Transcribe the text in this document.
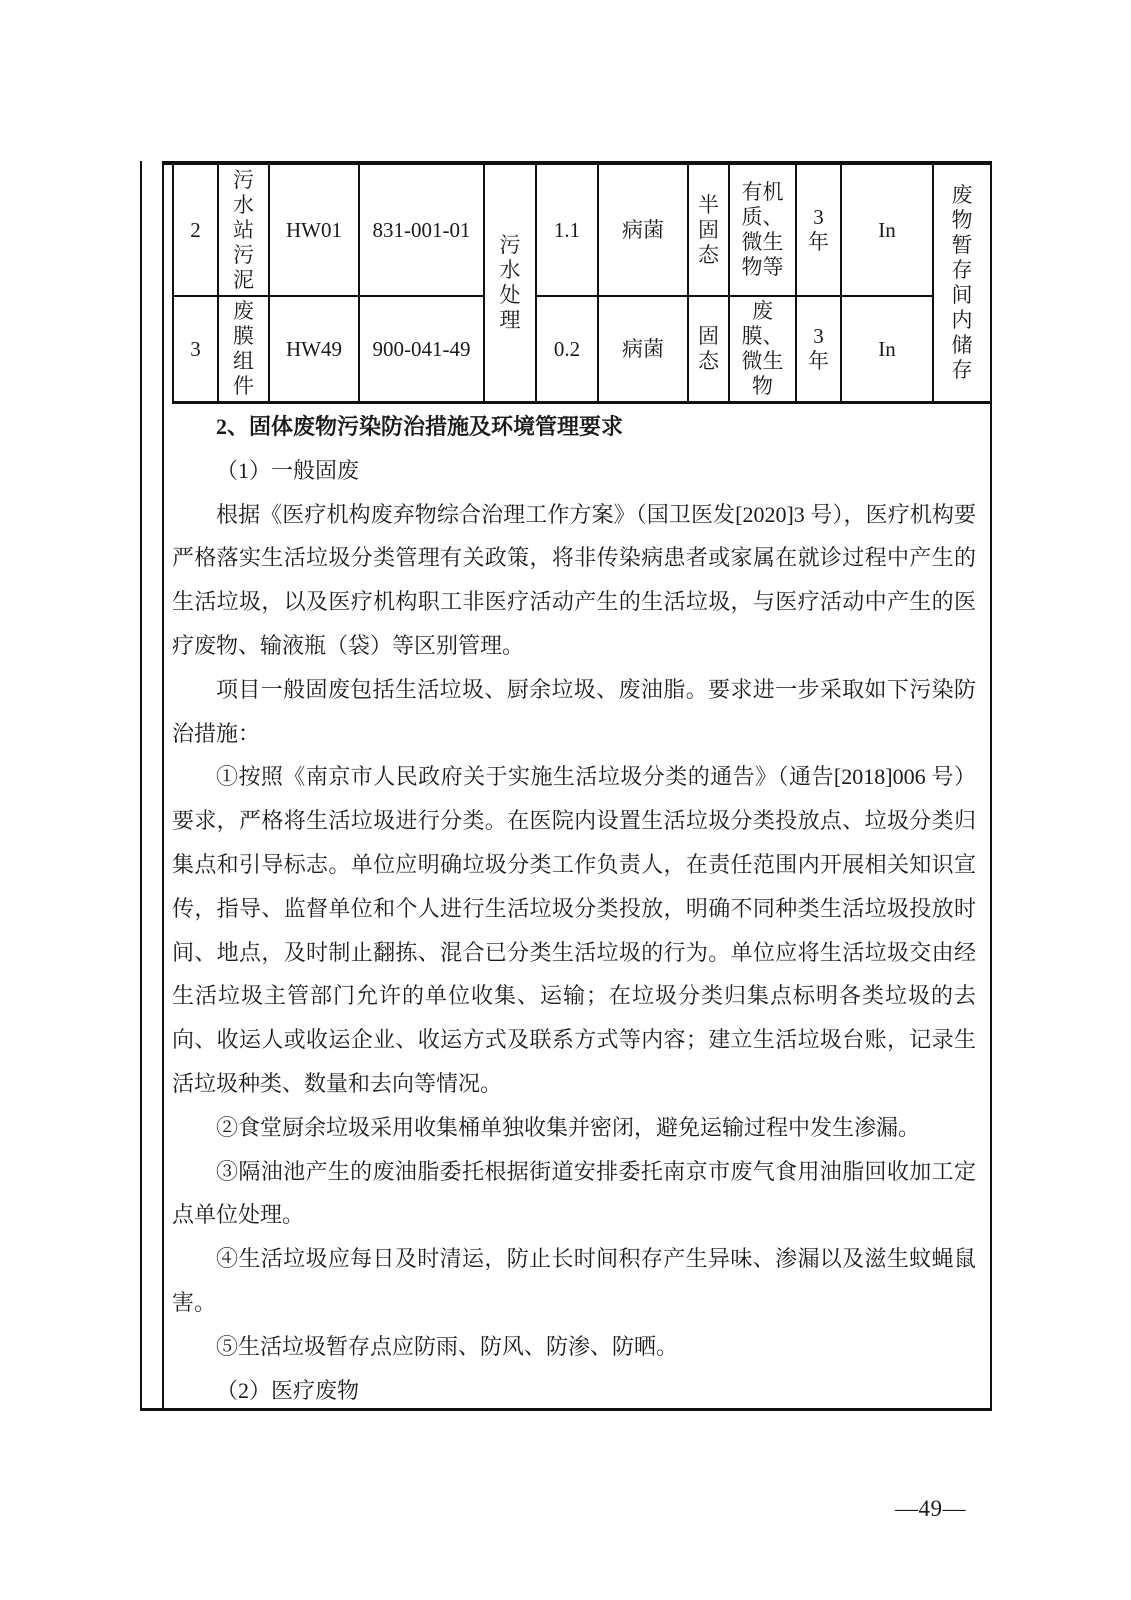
2	污水站污泥	HW01	831-001-01	污水处理	1.1	病菌	半固态	有机质、微生物等	3年	In	废物暂存间内储存
3	废膜组件	HW49	900-041-49		0.2	病菌	固态	废膜、微生物	3年	In	

2、固体废物污染防治措施及环境管理要求

（1）一般固废

根据《医疗机构废弃物综合治理工作方案》（国卫医发[2020]3 号），医疗机构要严格落实生活垃圾分类管理有关政策，将非传染病患者或家属在就诊过程中产生的生活垃圾，以及医疗机构职工非医疗活动产生的生活垃圾，与医疗活动中产生的医疗废物、输液瓶（袋）等区别管理。

项目一般固废包括生活垃圾、厨余垃圾、废油脂。要求进一步采取如下污染防治措施：

①按照《南京市人民政府关于实施生活垃圾分类的通告》（通告[2018]006 号）要求，严格将生活垃圾进行分类。在医院内设置生活垃圾分类投放点、垃圾分类归集点和引导标志。单位应明确垃圾分类工作负责人，在责任范围内开展相关知识宣传，指导、监督单位和个人进行生活垃圾分类投放，明确不同种类生活垃圾投放时间、地点，及时制止翻拣、混合已分类生活垃圾的行为。单位应将生活垃圾交由经生活垃圾主管部门允许的单位收集、运输；在垃圾分类归集点标明各类垃圾的去向、收运人或收运企业、收运方式及联系方式等内容；建立生活垃圾台账，记录生活垃圾种类、数量和去向等情况。

②食堂厨余垃圾采用收集桶单独收集并密闭，避免运输过程中发生渗漏。

③隔油池产生的废油脂委托根据街道安排委托南京市废气食用油脂回收加工定点单位处理。

④生活垃圾应每日及时清运，防止长时间积存产生异味、渗漏以及滋生蚊蝇鼠害。

⑤生活垃圾暂存点应防雨、防风、防渗、防晒。

（2）医疗废物

—49—
